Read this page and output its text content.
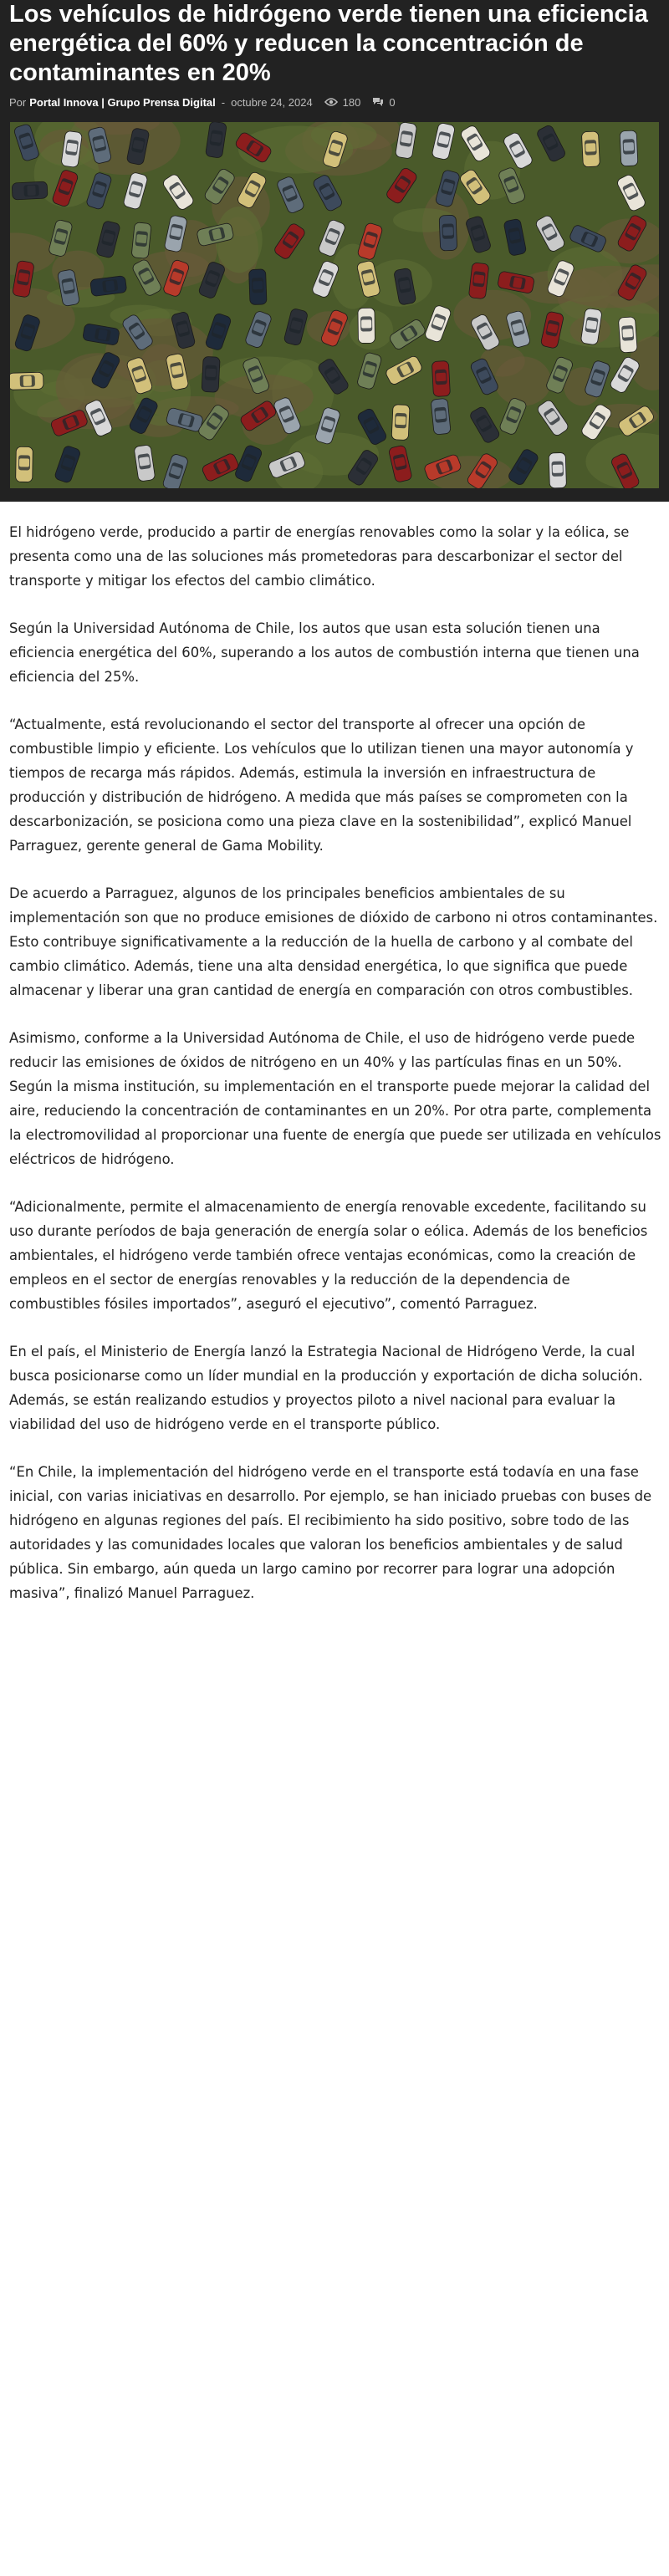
Los vehículos de hidrógeno verde tienen una eficiencia energética del 60% y reducen la concentración de contaminantes en 20%
Por Portal Innova | Grupo Prensa Digital - octubre 24, 2024	180	0

El hidrógeno verde, producido a partir de energías renovables como la solar y la eólica, se presenta como una de las soluciones más prometedoras para descarbonizar el sector del transporte y mitigar los efectos del cambio climático.

Según la Universidad Autónoma de Chile, los autos que usan esta solución tienen una eficiencia energética del 60%, superando a los autos de combustión interna que tienen una eficiencia del 25%.

“Actualmente, está revolucionando el sector del transporte al ofrecer una opción de combustible limpio y eficiente. Los vehículos que lo utilizan tienen una mayor autonomía y tiempos de recarga más rápidos. Además, estimula la inversión en infraestructura de producción y distribución de hidrógeno. A medida que más países se comprometen con la descarbonización, se posiciona como una pieza clave en la sostenibilidad”, explicó Manuel Parraguez, gerente general de Gama Mobility.

De acuerdo a Parraguez, algunos de los principales beneficios ambientales de su implementación son que no produce emisiones de dióxido de carbono ni otros contaminantes. Esto contribuye significativamente a la reducción de la huella de carbono y al combate del cambio climático. Además, tiene una alta densidad energética, lo que significa que puede almacenar y liberar una gran cantidad de energía en comparación con otros combustibles.

Asimismo, conforme a la Universidad Autónoma de Chile, el uso de hidrógeno verde puede reducir las emisiones de óxidos de nitrógeno en un 40% y las partículas finas en un 50%. Según la misma institución, su implementación en el transporte puede mejorar la calidad del aire, reduciendo la concentración de contaminantes en un 20%. Por otra parte, complementa la electromovilidad al proporcionar una fuente de energía que puede ser utilizada en vehículos eléctricos de hidrógeno.

“Adicionalmente, permite el almacenamiento de energía renovable excedente, facilitando su uso durante períodos de baja generación de energía solar o eólica. Además de los beneficios ambientales, el hidrógeno verde también ofrece ventajas económicas, como la creación de empleos en el sector de energías renovables y la reducción de la dependencia de combustibles fósiles importados”, aseguró el ejecutivo”, comentó Parraguez.

En el país, el Ministerio de Energía lanzó la Estrategia Nacional de Hidrógeno Verde, la cual busca posicionarse como un líder mundial en la producción y exportación de dicha solución. Además, se están realizando estudios y proyectos piloto a nivel nacional para evaluar la viabilidad del uso de hidrógeno verde en el transporte público.

“En Chile, la implementación del hidrógeno verde en el transporte está todavía en una fase inicial, con varias iniciativas en desarrollo. Por ejemplo, se han iniciado pruebas con buses de hidrógeno en algunas regiones del país. El recibimiento ha sido positivo, sobre todo de las autoridades y las comunidades locales que valoran los beneficios ambientales y de salud pública. Sin embargo, aún queda un largo camino por recorrer para lograr una adopción masiva”, finalizó Manuel Parraguez.
